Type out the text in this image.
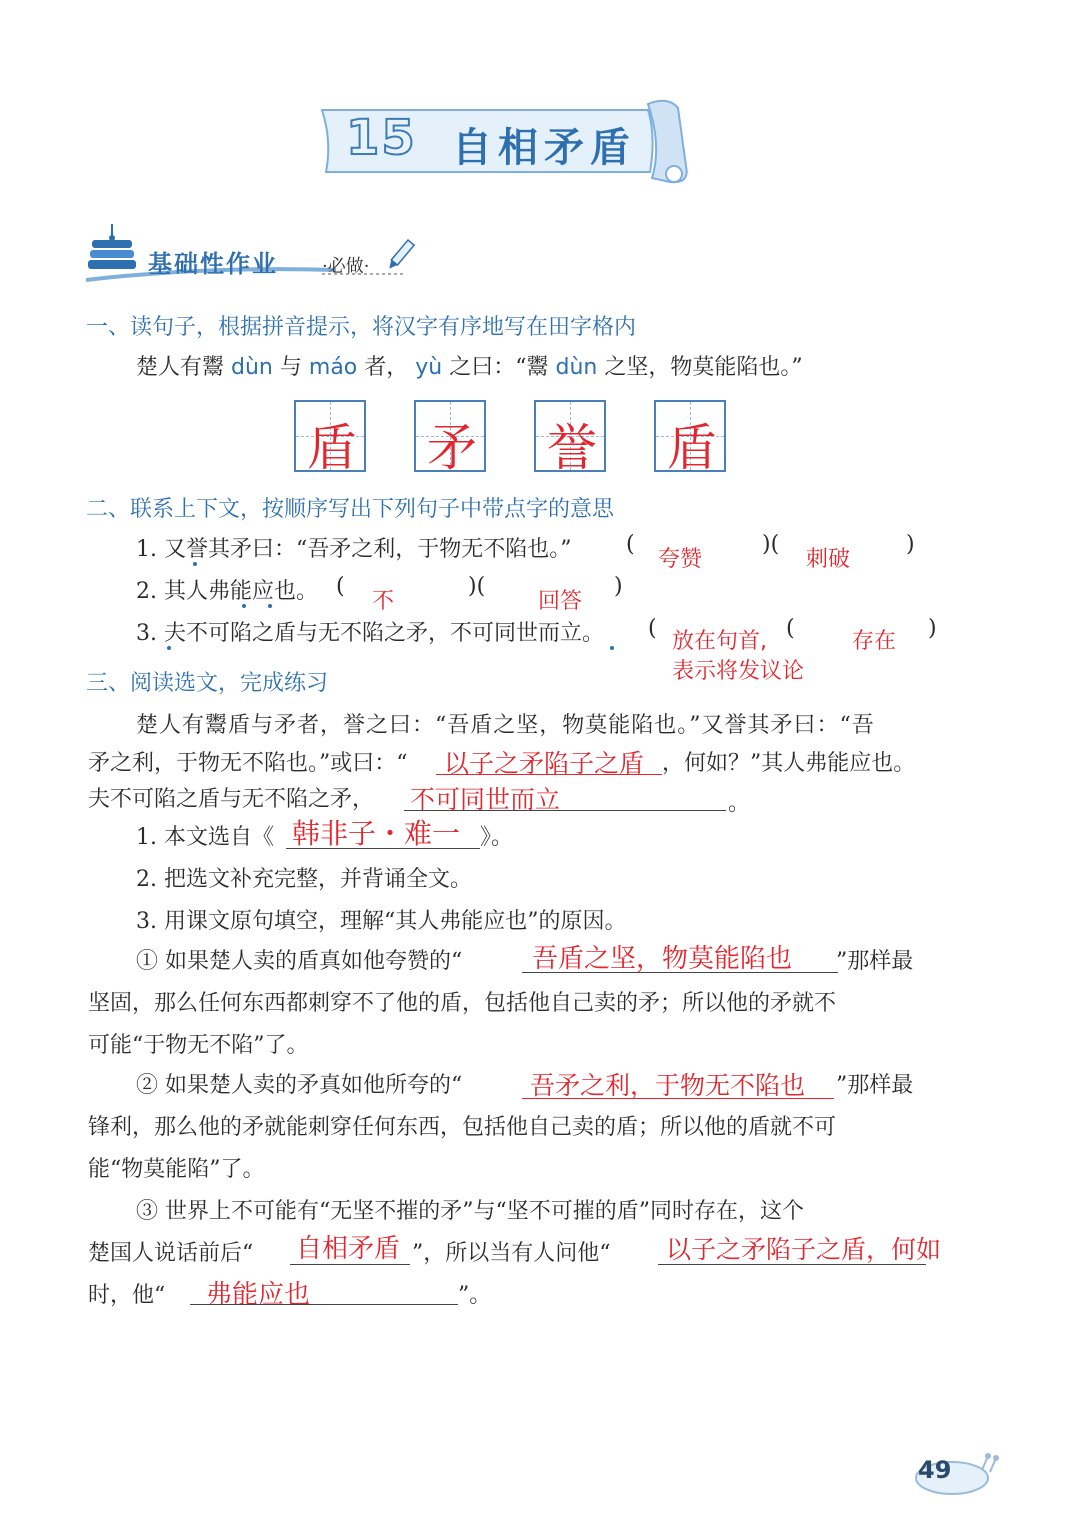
15 自相矛盾
基础性作业 ·必做·
一、读句子，根据拼音提示，将汉字有序地写在田字格内
楚人有鬻 dùn 与 máo 者， yù 之曰：“鬻 dùn 之坚，物莫能陷也。”
盾 矛 誉 盾
二、联系上下文，按顺序写出下列句子中带点字的意思
1. 又誉其矛曰：“吾矛之利，于物无不陷也。” (
夸赞
)(
刺破
)
2. 其人弗能应也。 (
不
)(
回答
)
3. 夫不可陷之盾与无不陷之矛，不可同世而立。 (
放在句首,
表示将发议论
(
存在
)
三、阅读选文，完成练习
楚人有鬻盾与矛者，誉之曰：“吾盾之坚，物莫能陷也。”又誉其矛曰：“吾
矛之利，于物无不陷也。”或曰：“ 以子之矛陷子之盾 ，何如？”其人弗能应也。
夫不可陷之盾与无不陷之矛， 不可同世而立	。
1. 本文选自《 韩非子・难一 》。
2. 把选文补充完整，并背诵全文。
3. 用课文原句填空，理解“其人弗能应也”的原因。
① 如果楚人卖的盾真如他夸赞的“	吾盾之坚，物莫能陷也 ”那样最
坚固，那么任何东西都刺穿不了他的盾，包括他自己卖的矛；所以他的矛就不
可能“于物无不陷”了。
② 如果楚人卖的矛真如他所夸的“	吾矛之利，于物无不陷也 ”那样最
锋利，那么他的矛就能刺穿任何东西，包括他自己卖的盾；所以他的盾就不可
能“物莫能陷”了。
③ 世界上不可能有“无坚不摧的矛”与“坚不可摧的盾”同时存在，这个
楚国人说话前后“ 自相矛盾 ”，所以当有人问他“ 以子之矛陷子之盾，何如
时，他“ 弗能应也	”。
49
